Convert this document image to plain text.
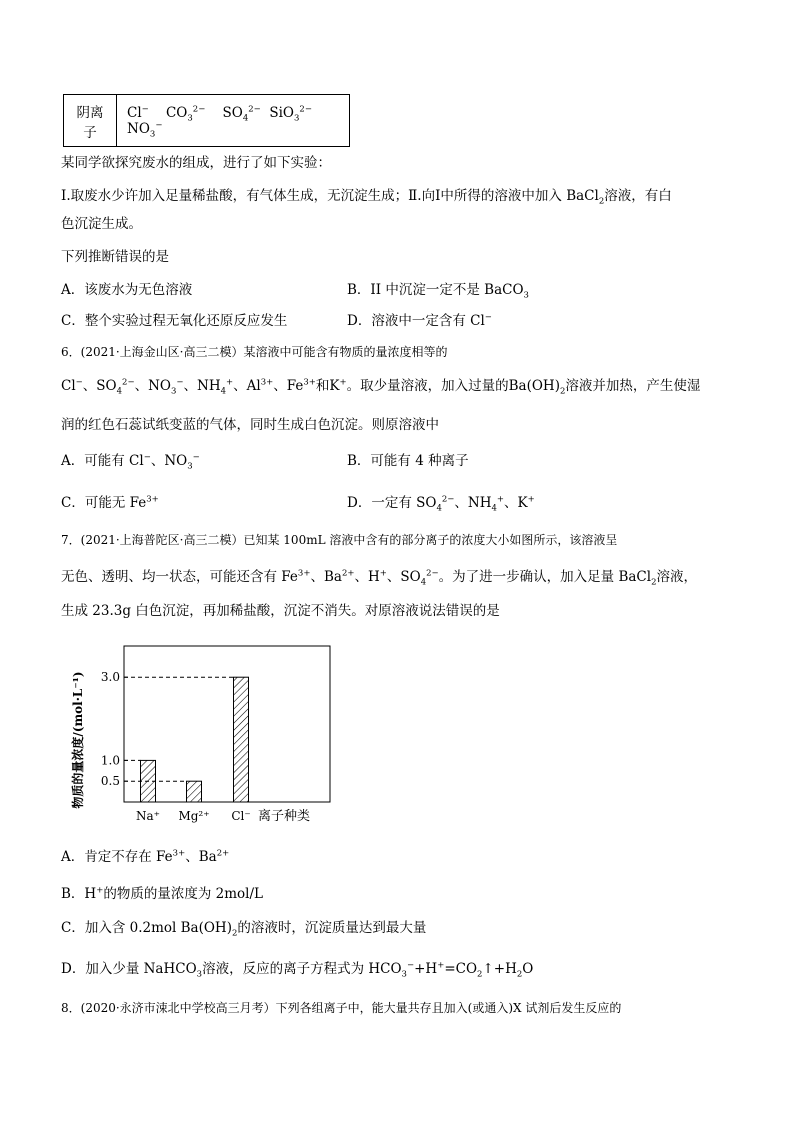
阴离子	Cl− $CO_3^{2-}$ $SO_4^{2-}$ SiO$_3^{2-}$     $NO_3^-$
某同学欲探究废水的组成，进行了如下实验：
Ⅰ.取废水少许加入足量稀盐酸，有气体生成，无沉淀生成；Ⅱ.向Ⅰ中所得的溶液中加入 BaCl$_2$溶液，有白
色沉淀生成。
下列推断错误的是
A．该废水为无色溶液	B．II 中沉淀一定不是 BaCO$_3$
C．整个实验过程无氧化还原反应发生	D．溶液中一定含有 Cl−
6．(2021·上海金山区·高三二模）某溶液中可能含有物质的量浓度相等的
Cl−、$SO_4^{2-}$、$NO_3^-$、$NH_4^+$、$Al^{3+}$、$Fe^{3+}$和K+。取少量溶液，加入过量的$Ba(OH)_2$溶液并加热，产生使湿
润的红色石蕊试纸变蓝的气体，同时生成白色沉淀。则原溶液中
A．可能有 Cl−、$NO_3^-$	B．可能有 4 种离子
C．可能无 $Fe^{3+}$	D．一定有 $SO_4^{2-}$、$NH_4^+$、K+
7．(2021·上海普陀区·高三二模）已知某 100mL 溶液中含有的部分离子的浓度大小如图所示，该溶液呈
无色、透明、均一状态，可能还含有 $Fe^{3+}$、$Ba^{2+}$、H+、$SO_4^{2-}$。为了进一步确认，加入足量 BaCl$_2$溶液，
生成 23.3g 白色沉淀，再加稀盐酸，沉淀不消失。对原溶液说法错误的是
0.5
1.0
3.0
Na⁺ Mg²⁺ Cl⁻
物质的量浓度/(mol·L⁻¹)
离子种类
A．肯定不存在 $Fe^{3+}$、$Ba^{2+}$
B．H+的物质的量浓度为 2mol/L
C．加入含 0.2mol $Ba(OH)_2$的溶液时，沉淀质量达到最大量
D．加入少量 NaHCO$_3$溶液，反应的离子方程式为 $HCO_3^-+H^+=CO_2↑+H_2O$
8．(2020·永济市涑北中学校高三月考）下列各组离子中，能大量共存且加入(或通入)X 试剂后发生反应的
